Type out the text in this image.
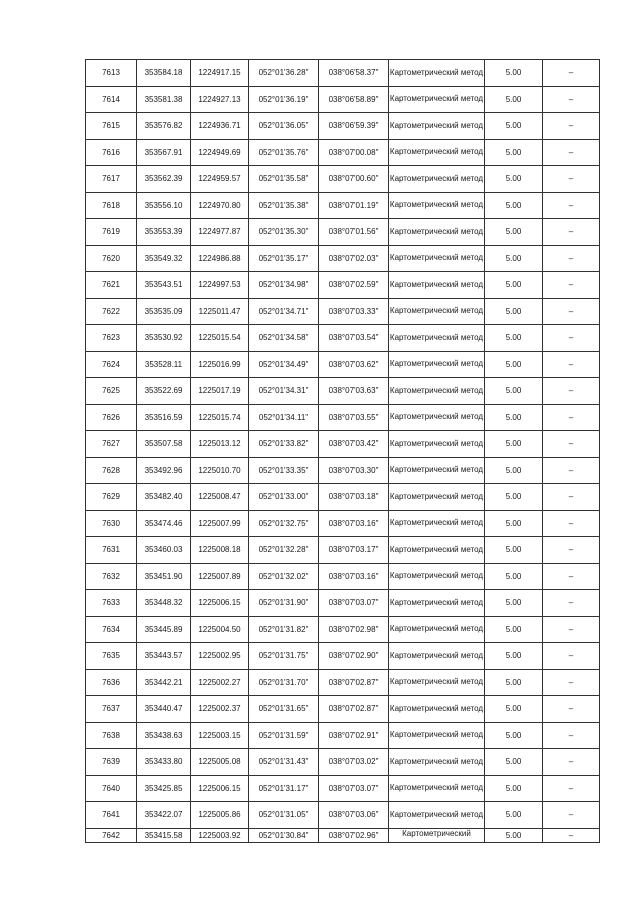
7613	353584.18	1224917.15	052°01'36.28"	038°06'58.37"	Картометрический метод	5.00	–
7614	353581.38	1224927.13	052°01'36.19"	038°06'58.89"	Картометрический метод	5.00	–
7615	353576.82	1224936.71	052°01'36.05"	038°06'59.39"	Картометрический метод	5.00	–
7616	353567.91	1224949.69	052°01'35.76"	038°07'00.08"	Картометрический метод	5.00	–
7617	353562.39	1224959.57	052°01'35.58"	038°07'00.60"	Картометрический метод	5.00	–
7618	353556.10	1224970.80	052°01'35.38"	038°07'01.19"	Картометрический метод	5.00	–
7619	353553.39	1224977.87	052°01'35.30"	038°07'01.56"	Картометрический метод	5.00	–
7620	353549.32	1224986.88	052°01'35.17"	038°07'02.03"	Картометрический метод	5.00	–
7621	353543.51	1224997.53	052°01'34.98"	038°07'02.59"	Картометрический метод	5.00	–
7622	353535.09	1225011.47	052°01'34.71"	038°07'03.33"	Картометрический метод	5.00	–
7623	353530.92	1225015.54	052°01'34.58"	038°07'03.54"	Картометрический метод	5.00	–
7624	353528.11	1225016.99	052°01'34.49"	038°07'03.62"	Картометрический метод	5.00	–
7625	353522.69	1225017.19	052°01'34.31"	038°07'03.63"	Картометрический метод	5.00	–
7626	353516.59	1225015.74	052°01'34.11"	038°07'03.55"	Картометрический метод	5.00	–
7627	353507.58	1225013.12	052°01'33.82"	038°07'03.42"	Картометрический метод	5.00	–
7628	353492.96	1225010.70	052°01'33.35"	038°07'03.30"	Картометрический метод	5.00	–
7629	353482.40	1225008.47	052°01'33.00"	038°07'03.18"	Картометрический метод	5.00	–
7630	353474.46	1225007.99	052°01'32.75"	038°07'03.16"	Картометрический метод	5.00	–
7631	353460.03	1225008.18	052°01'32.28"	038°07'03.17"	Картометрический метод	5.00	–
7632	353451.90	1225007.89	052°01'32.02"	038°07'03.16"	Картометрический метод	5.00	–
7633	353448.32	1225006.15	052°01'31.90"	038°07'03.07"	Картометрический метод	5.00	–
7634	353445.89	1225004.50	052°01'31.82"	038°07'02.98"	Картометрический метод	5.00	–
7635	353443.57	1225002.95	052°01'31.75"	038°07'02.90"	Картометрический метод	5.00	–
7636	353442.21	1225002.27	052°01'31.70"	038°07'02.87"	Картометрический метод	5.00	–
7637	353440.47	1225002.37	052°01'31.65"	038°07'02.87"	Картометрический метод	5.00	–
7638	353438.63	1225003.15	052°01'31.59"	038°07'02.91"	Картометрический метод	5.00	–
7639	353433.80	1225005.08	052°01'31.43"	038°07'03.02"	Картометрический метод	5.00	–
7640	353425.85	1225006.15	052°01'31.17"	038°07'03.07"	Картометрический метод	5.00	–
7641	353422.07	1225005.86	052°01'31.05"	038°07'03.06"	Картометрический метод	5.00	–
7642	353415.58	1225003.92	052°01'30.84"	038°07'02.96"	Картометрический	5.00	–
